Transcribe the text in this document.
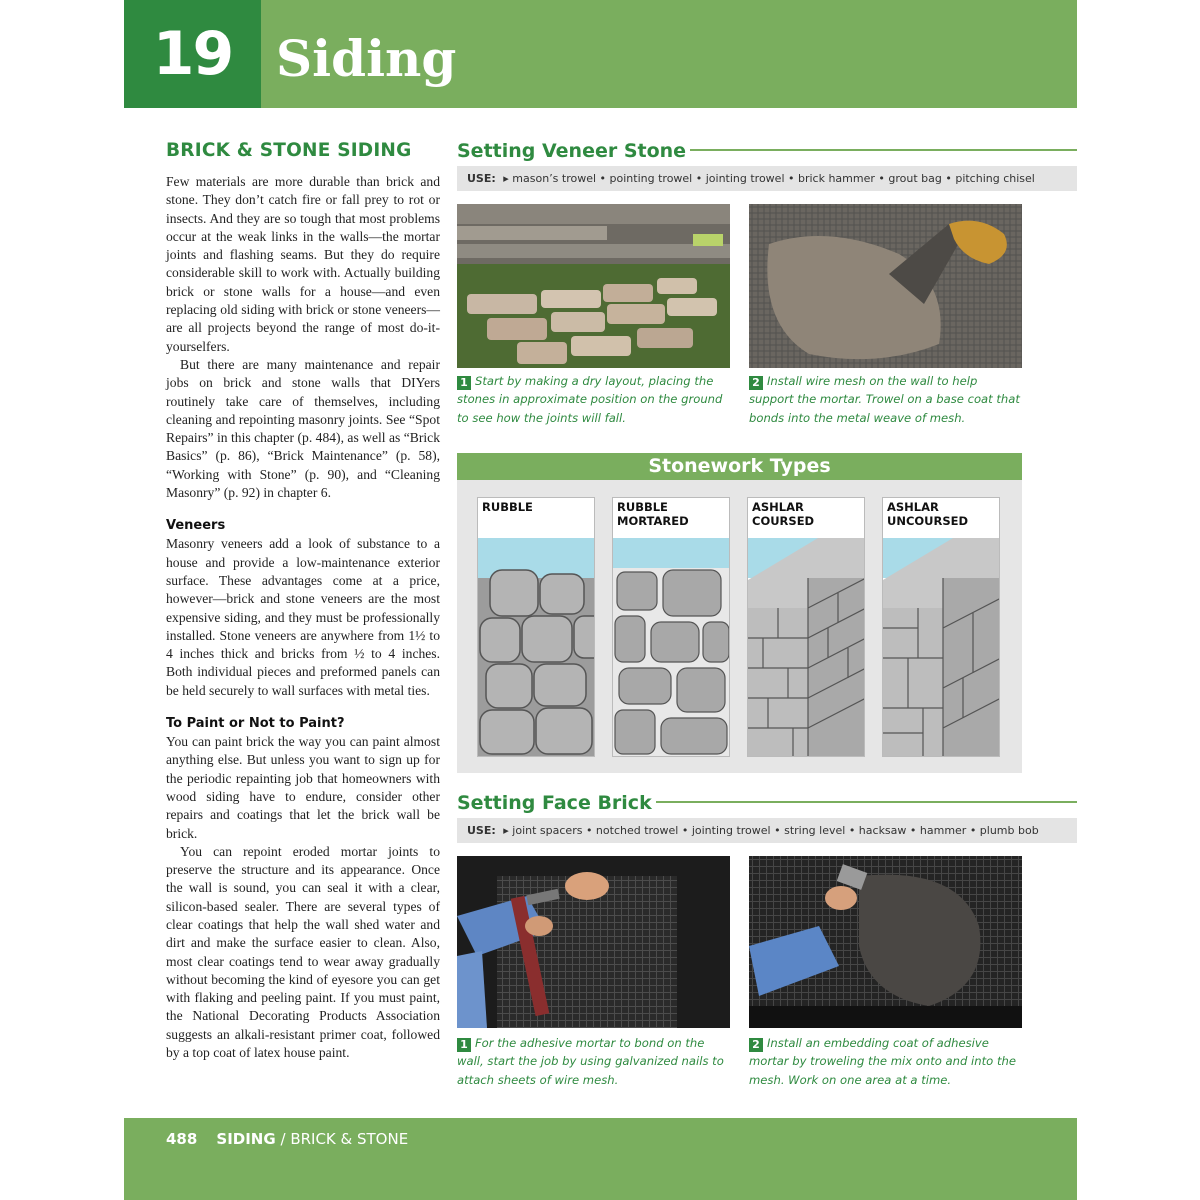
19 Siding
BRICK & STONE SIDING

Few materials are more durable than brick and stone. They don’t catch fire or fall prey to rot or insects. And they are so tough that most problems occur at the weak links in the walls—the mortar joints and flashing seams. But they do require considerable skill to work with. Actually building brick or stone walls for a house—and even replacing old siding with brick or stone veneers—are all projects beyond the range of most do-it-yourselfers.

But there are many maintenance and repair jobs on brick and stone walls that DIYers routinely take care of themselves, including cleaning and repointing masonry joints. See “Spot Repairs” in this chapter (p. 484), as well as “Brick Basics” (p. 86), “Brick Maintenance” (p. 58), “Working with Stone” (p. 90), and “Cleaning Masonry” (p. 92) in chapter 6.

Veneers

Masonry veneers add a look of substance to a house and provide a low-maintenance exterior surface. These advantages come at a price, however—brick and stone veneers are the most expensive siding, and they must be professionally installed. Stone veneers are anywhere from 1½ to 4 inches thick and bricks from ½ to 4 inches. Both individual pieces and preformed panels can be held securely to wall surfaces with metal ties.

To Paint or Not to Paint?

You can paint brick the way you can paint almost anything else. But unless you want to sign up for the periodic repainting job that homeowners with wood siding have to endure, consider other repairs and coatings that let the brick wall be brick.

You can repoint eroded mortar joints to preserve the structure and its appearance. Once the wall is sound, you can seal it with a clear, silicon-based sealer. There are several types of clear coatings that help the wall shed water and dirt and make the surface easier to clean. Also, most clear coatings tend to wear away gradually without becoming the kind of eyesore you can get with flaking and peeling paint. If you must paint, the National Decorating Products Association suggests an alkali-resistant primer coat, followed by a top coat of latex house paint.

Setting Veneer Stone
USE: ▸ mason’s trowel • pointing trowel • jointing trowel • brick hammer • grout bag • pitching chisel
1 Start by making a dry layout, placing the stones in approximate position on the ground to see how the joints will fall.
2 Install wire mesh on the wall to help support the mortar. Trowel on a base coat that bonds into the metal weave of mesh.
Stonework Types
RUBBLE	RUBBLE
MORTARED
ASHLAR
COURSED
ASHLAR
UNCOURSED
Setting Face Brick
USE: ▸ joint spacers • notched trowel • jointing trowel • string level • hacksaw • hammer • plumb bob
1 For the adhesive mortar to bond on the wall, start the job by using galvanized nails to attach sheets of wire mesh.
2 Install an embedding coat of adhesive mortar by troweling the mix onto and into the mesh. Work on one area at a time.
488 SIDING / BRICK & STONE
